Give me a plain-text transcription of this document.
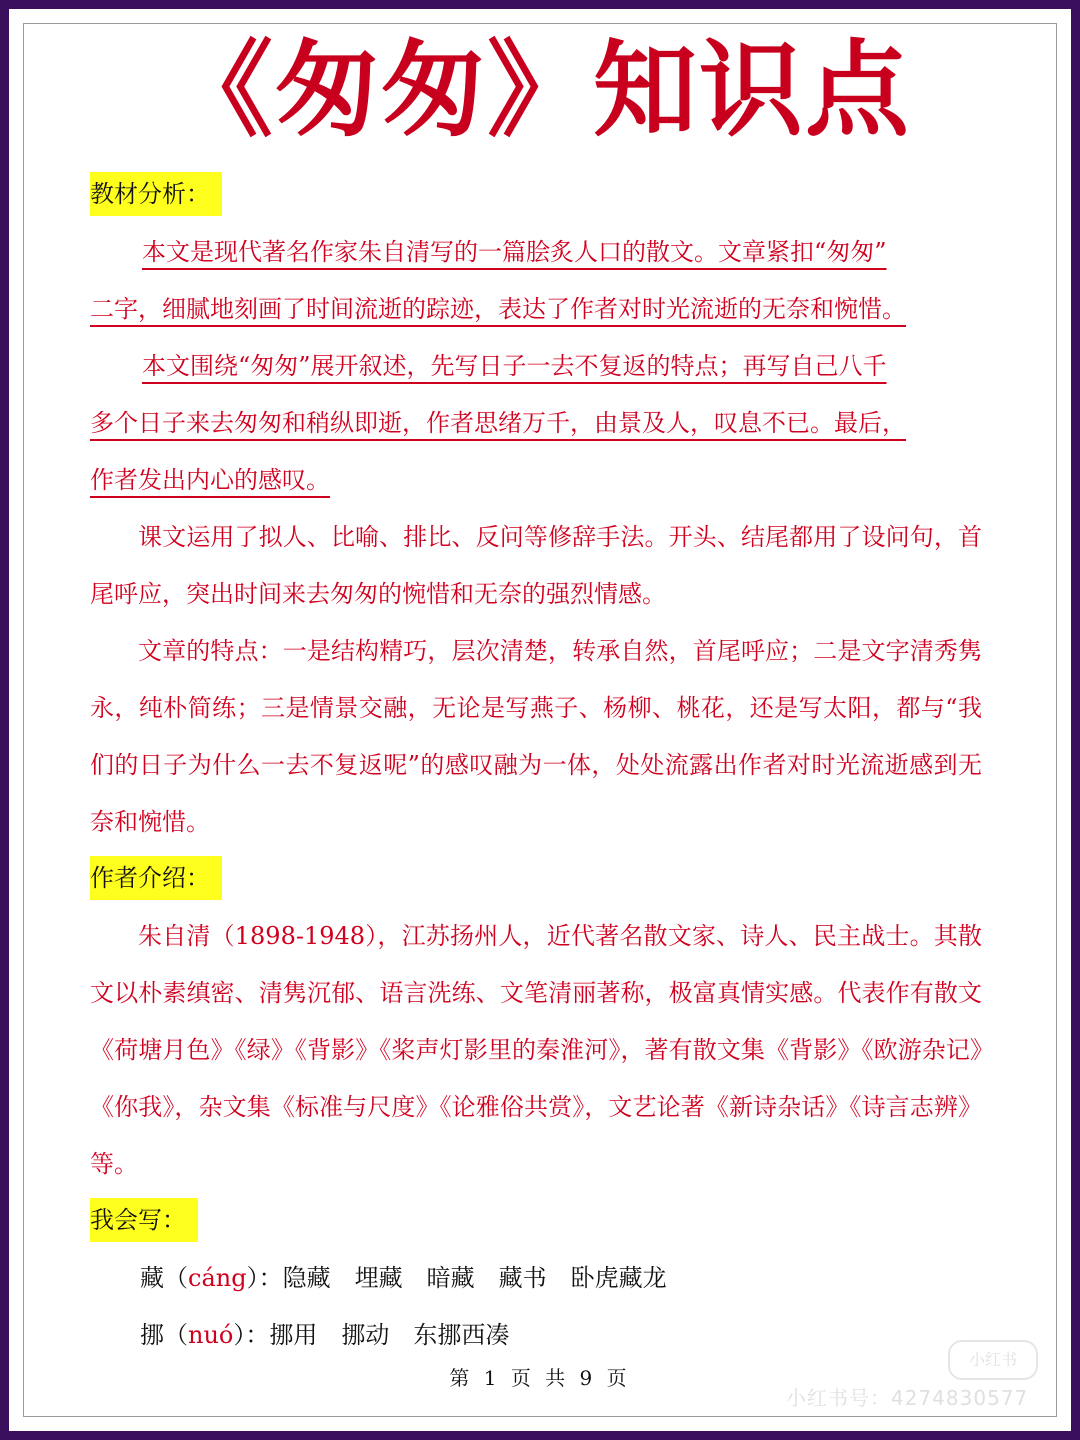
《匆匆》知识点
教材分析：
本文是现代著名作家朱自清写的一篇脍炙人口的散文。文章紧扣“匆匆”
二字，细腻地刻画了时间流逝的踪迹，表达了作者对时光流逝的无奈和惋惜。
本文围绕“匆匆”展开叙述，先写日子一去不复返的特点；再写自己八千
多个日子来去匆匆和稍纵即逝，作者思绪万千，由景及人，叹息不已。最后，
作者发出内心的感叹。

课文运用了拟人、比喻、排比、反问等修辞手法。开头、结尾都用了设问句，首尾呼应，突出时间来去匆匆的惋惜和无奈的强烈情感。

文章的特点：一是结构精巧，层次清楚，转承自然，首尾呼应；二是文字清秀隽永，纯朴简练；三是情景交融，无论是写燕子、杨柳、桃花，还是写太阳，都与“我们的日子为什么一去不复返呢”的感叹融为一体，处处流露出作者对时光流逝感到无奈和惋惜。

作者介绍：

朱自清（1898-1948），江苏扬州人，近代著名散文家、诗人、民主战士。其散文以朴素缜密、清隽沉郁、语言洗练、文笔清丽著称，极富真情实感。代表作有散文《荷塘月色》《绿》《背影》《桨声灯影里的秦淮河》，著有散文集《背影》《欧游杂记》《你我》，杂文集《标准与尺度》《论雅俗共赏》，文艺论著《新诗杂话》《诗言志辨》等。

我会写：
藏（cáng）：隐藏　埋藏　暗藏　藏书　卧虎藏龙
挪（nuó）：挪用　挪动　东挪西凑
第 1 页 共 9 页
小红书
小红书号：4274830577
